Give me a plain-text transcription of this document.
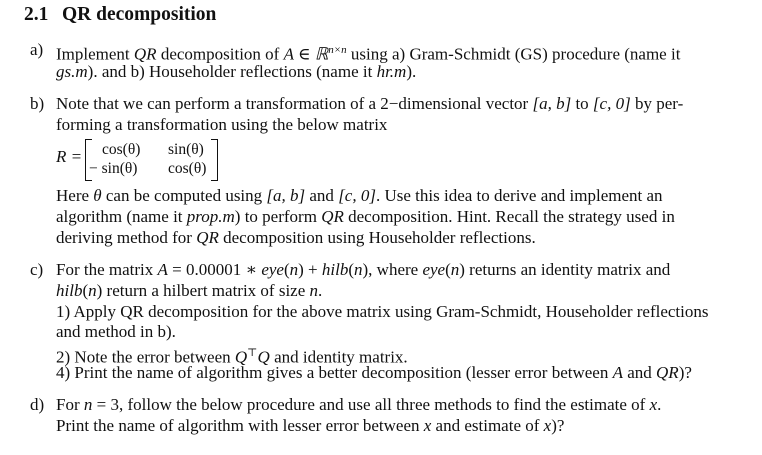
2.1 QR decomposition
a) Implement QR decomposition of A ∈ ℝ$^{n\times n}$ using a) Gram-Schmidt (GS) procedure (name it
gs.m). and b) Householder reflections (name it hr.m).
b) Note that we can perform a transformation of a 2−dimensional vector [a, b] to [c, 0] by per-
forming a transformation using the below matrix
R = cos(θ) sin(θ)
− sin(θ) cos(θ)
Here θ can be computed using [a, b] and [c, 0]. Use this idea to derive and implement an
algorithm (name it prop.m) to perform QR decomposition. Hint. Recall the strategy used in
deriving method for QR decomposition using Householder reflections.
c) For the matrix A = 0.00001 ∗ eye(n) + hilb(n), where eye(n) returns an identity matrix and
hilb(n) return a hilbert matrix of size n.
1) Apply QR decomposition for the above matrix using Gram-Schmidt, Householder reflections
and method in b).
2) Note the error between Q⊤Q and identity matrix.
4) Print the name of algorithm gives a better decomposition (lesser error between A and QR)?
d) For n = 3, follow the below procedure and use all three methods to find the estimate of x.
Print the name of algorithm with lesser error between x and estimate of x)?
